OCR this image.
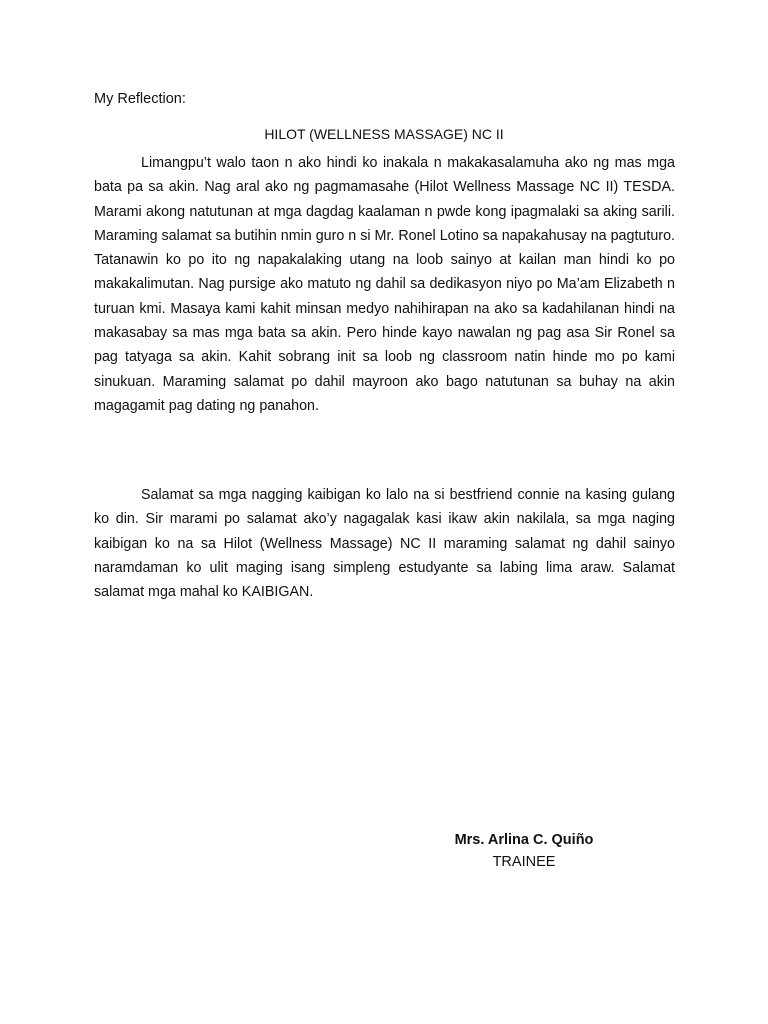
My Reflection:
HILOT (WELLNESS MASSAGE) NC II

Limangpu’t walo taon n ako hindi ko inakala n makakasalamuha ako ng mas mga bata pa sa akin. Nag aral ako ng pagmamasahe (Hilot Wellness Massage NC II) TESDA. Marami akong natutunan at mga dagdag kaalaman n pwde kong ipagmalaki sa aking sarili. Maraming salamat sa butihin nmin guro n si Mr. Ronel Lotino sa napakahusay na pagtuturo. Tatanawin ko po ito ng napakalaking utang na loob sainyo at kailan man hindi ko po makakalimutan. Nag pursige ako matuto ng dahil sa dedikasyon niyo po Ma’am Elizabeth n turuan kmi. Masaya kami kahit minsan medyo nahihirapan na ako sa kadahilanan hindi na makasabay sa mas mga bata sa akin. Pero hinde kayo nawalan ng pag asa Sir Ronel sa pag tatyaga sa akin. Kahit sobrang init sa loob ng classroom natin hinde mo po kami sinukuan. Maraming salamat po dahil mayroon ako bago natutunan sa buhay na akin magagamit pag dating ng panahon.

Salamat sa mga nagging kaibigan ko lalo na si bestfriend connie na kasing gulang ko din. Sir marami po salamat ako’y nagagalak kasi ikaw akin nakilala, sa mga naging kaibigan ko na sa Hilot (Wellness Massage) NC II maraming salamat ng dahil sainyo naramdaman ko ulit maging isang simpleng estudyante sa labing lima araw. Salamat salamat mga mahal ko KAIBIGAN.

Mrs. Arlina C. Quiño
TRAINEE
